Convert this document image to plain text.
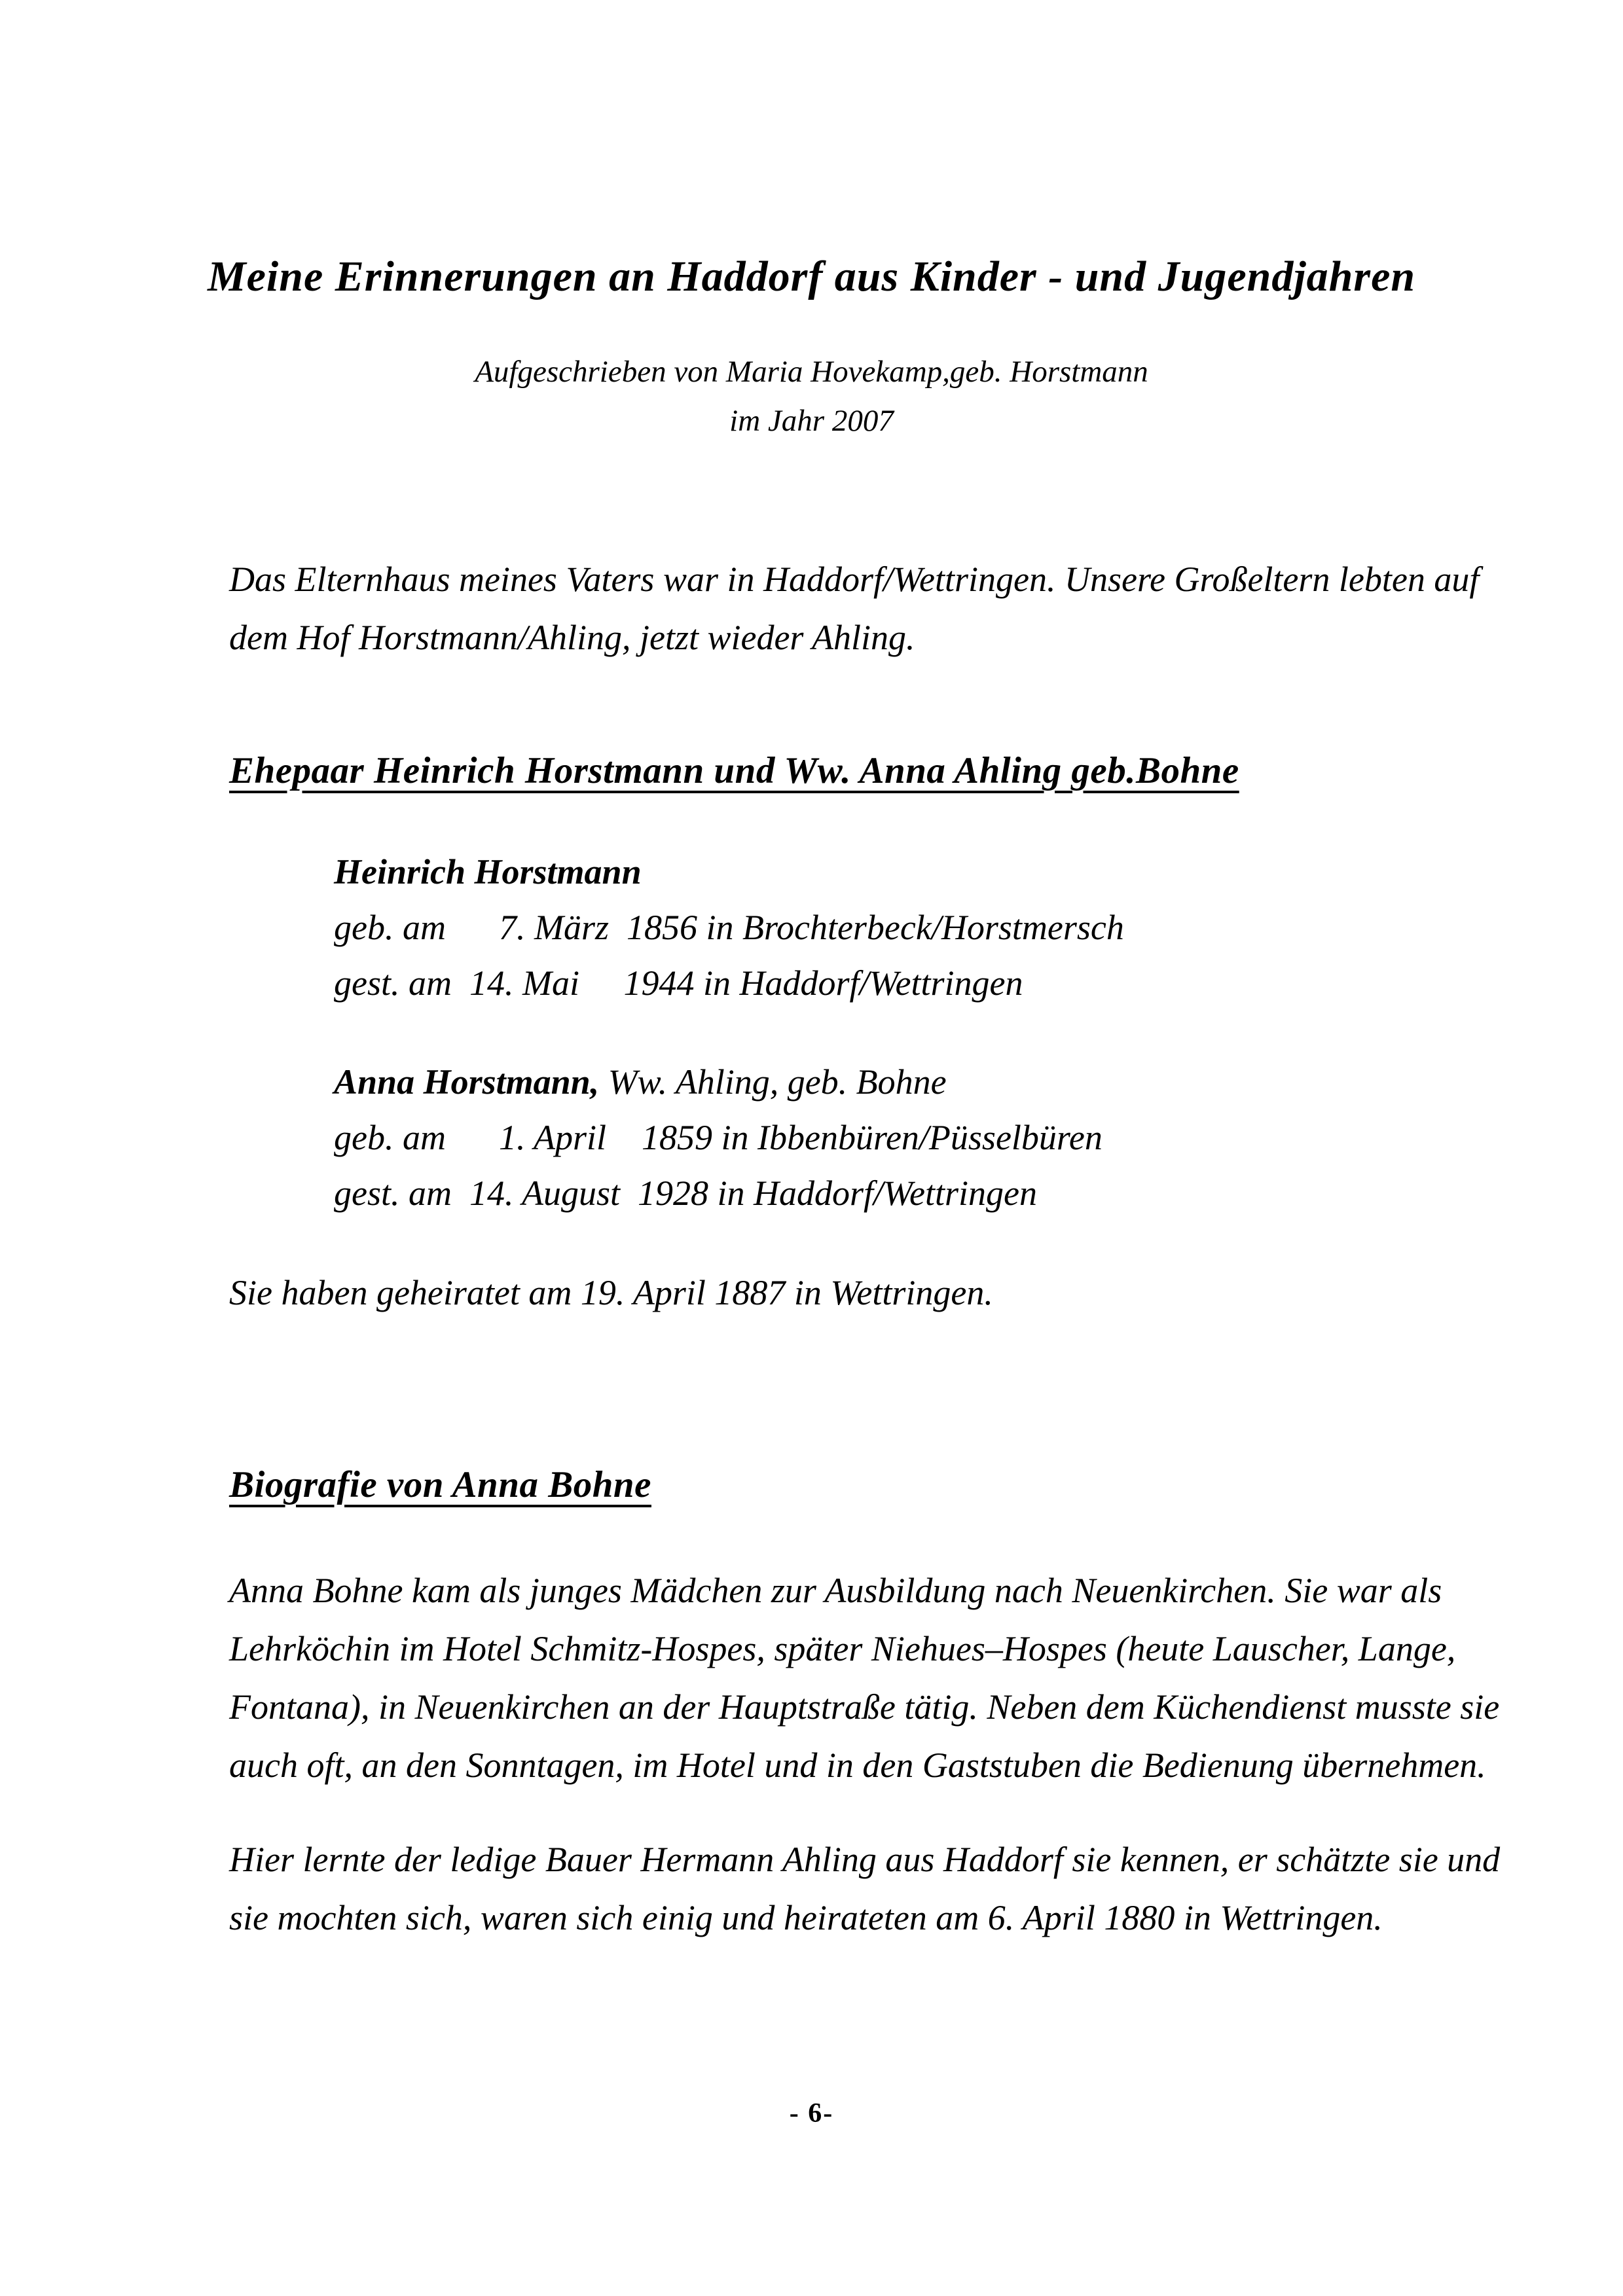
Meine Erinnerungen an Haddorf aus Kinder - und Jugendjahren
Aufgeschrieben von Maria Hovekamp,geb. Horstmann
im Jahr 2007

Das Elternhaus meines Vaters war in Haddorf/Wettringen. Unsere Großeltern lebten auf dem Hof Horstmann/Ahling, jetzt wieder Ahling.

Ehepaar Heinrich Horstmann und Ww. Anna Ahling geb.Bohne
Heinrich Horstmann
geb. am      7. März  1856 in Brochterbeck/Horstmersch
gest. am  14. Mai     1944 in Haddorf/Wettringen
Anna Horstmann, Ww. Ahling, geb. Bohne
geb. am      1. April    1859 in Ibbenbüren/Püsselbüren
gest. am  14. August  1928 in Haddorf/Wettringen

Sie haben geheiratet am 19. April 1887 in Wettringen.

Biografie von Anna Bohne

Anna Bohne kam als junges Mädchen zur Ausbildung nach Neuenkirchen. Sie war als Lehrköchin im Hotel Schmitz-Hospes, später Niehues–Hospes (heute Lauscher, Lange, Fontana), in Neuenkirchen an der Hauptstraße tätig. Neben dem Küchendienst musste sie auch oft, an den Sonntagen, im Hotel und in den Gaststuben die Bedienung übernehmen.

Hier lernte der ledige Bauer Hermann Ahling aus Haddorf sie kennen, er schätzte sie und sie mochten sich, waren sich einig und heirateten am 6. April 1880 in Wettringen.

- 6-
